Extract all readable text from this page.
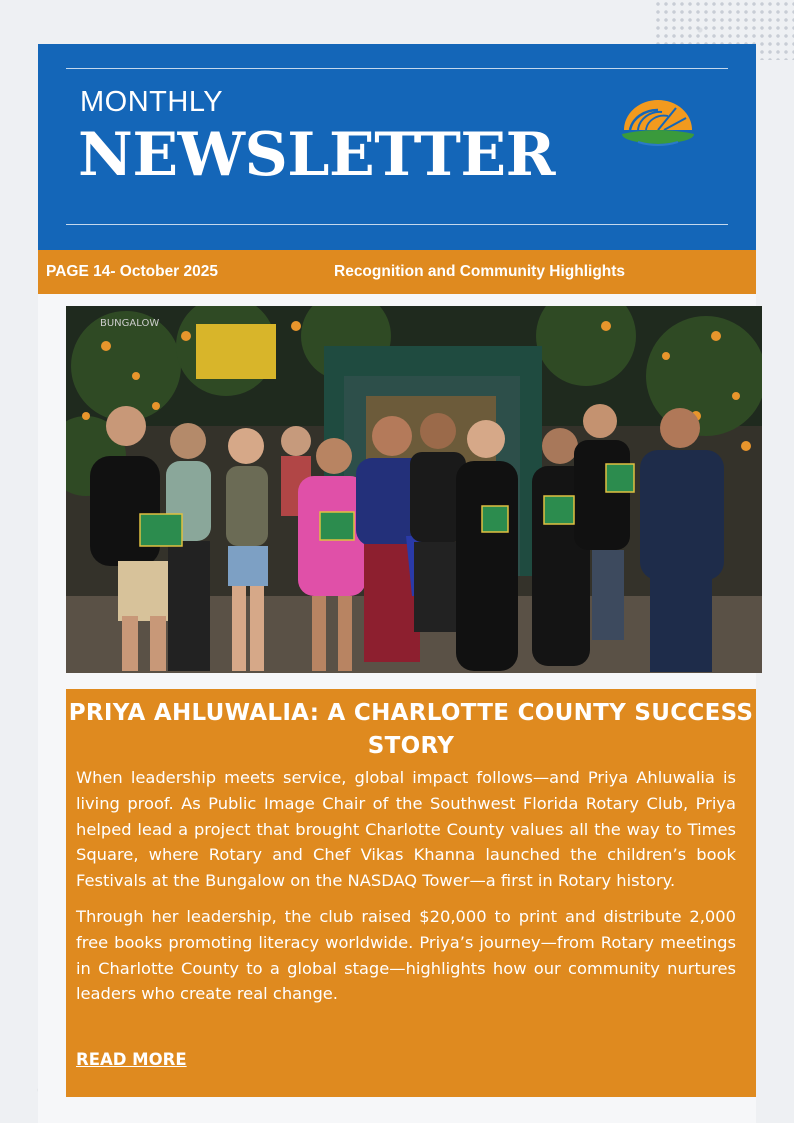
MONTHLY
NEWSLETTER
PAGE 14- October 2025	Recognition and Community Highlights
BUNGALOW
PRIYA AHLUWALIA: A CHARLOTTE COUNTY SUCCESS STORY

When leadership meets service, global impact follows—and Priya Ahluwalia is living proof. As Public Image Chair of the Southwest Florida Rotary Club, Priya helped lead a project that brought Charlotte County values all the way to Times Square, where Rotary and Chef Vikas Khanna launched the children’s book Festivals at the Bungalow on the NASDAQ Tower—a first in Rotary history.

Through her leadership, the club raised $20,000 to print and distribute 2,000 free books promoting literacy worldwide. Priya’s journey—from Rotary meetings in Charlotte County to a global stage—highlights how our community nurtures leaders who create real change.

READ MORE
